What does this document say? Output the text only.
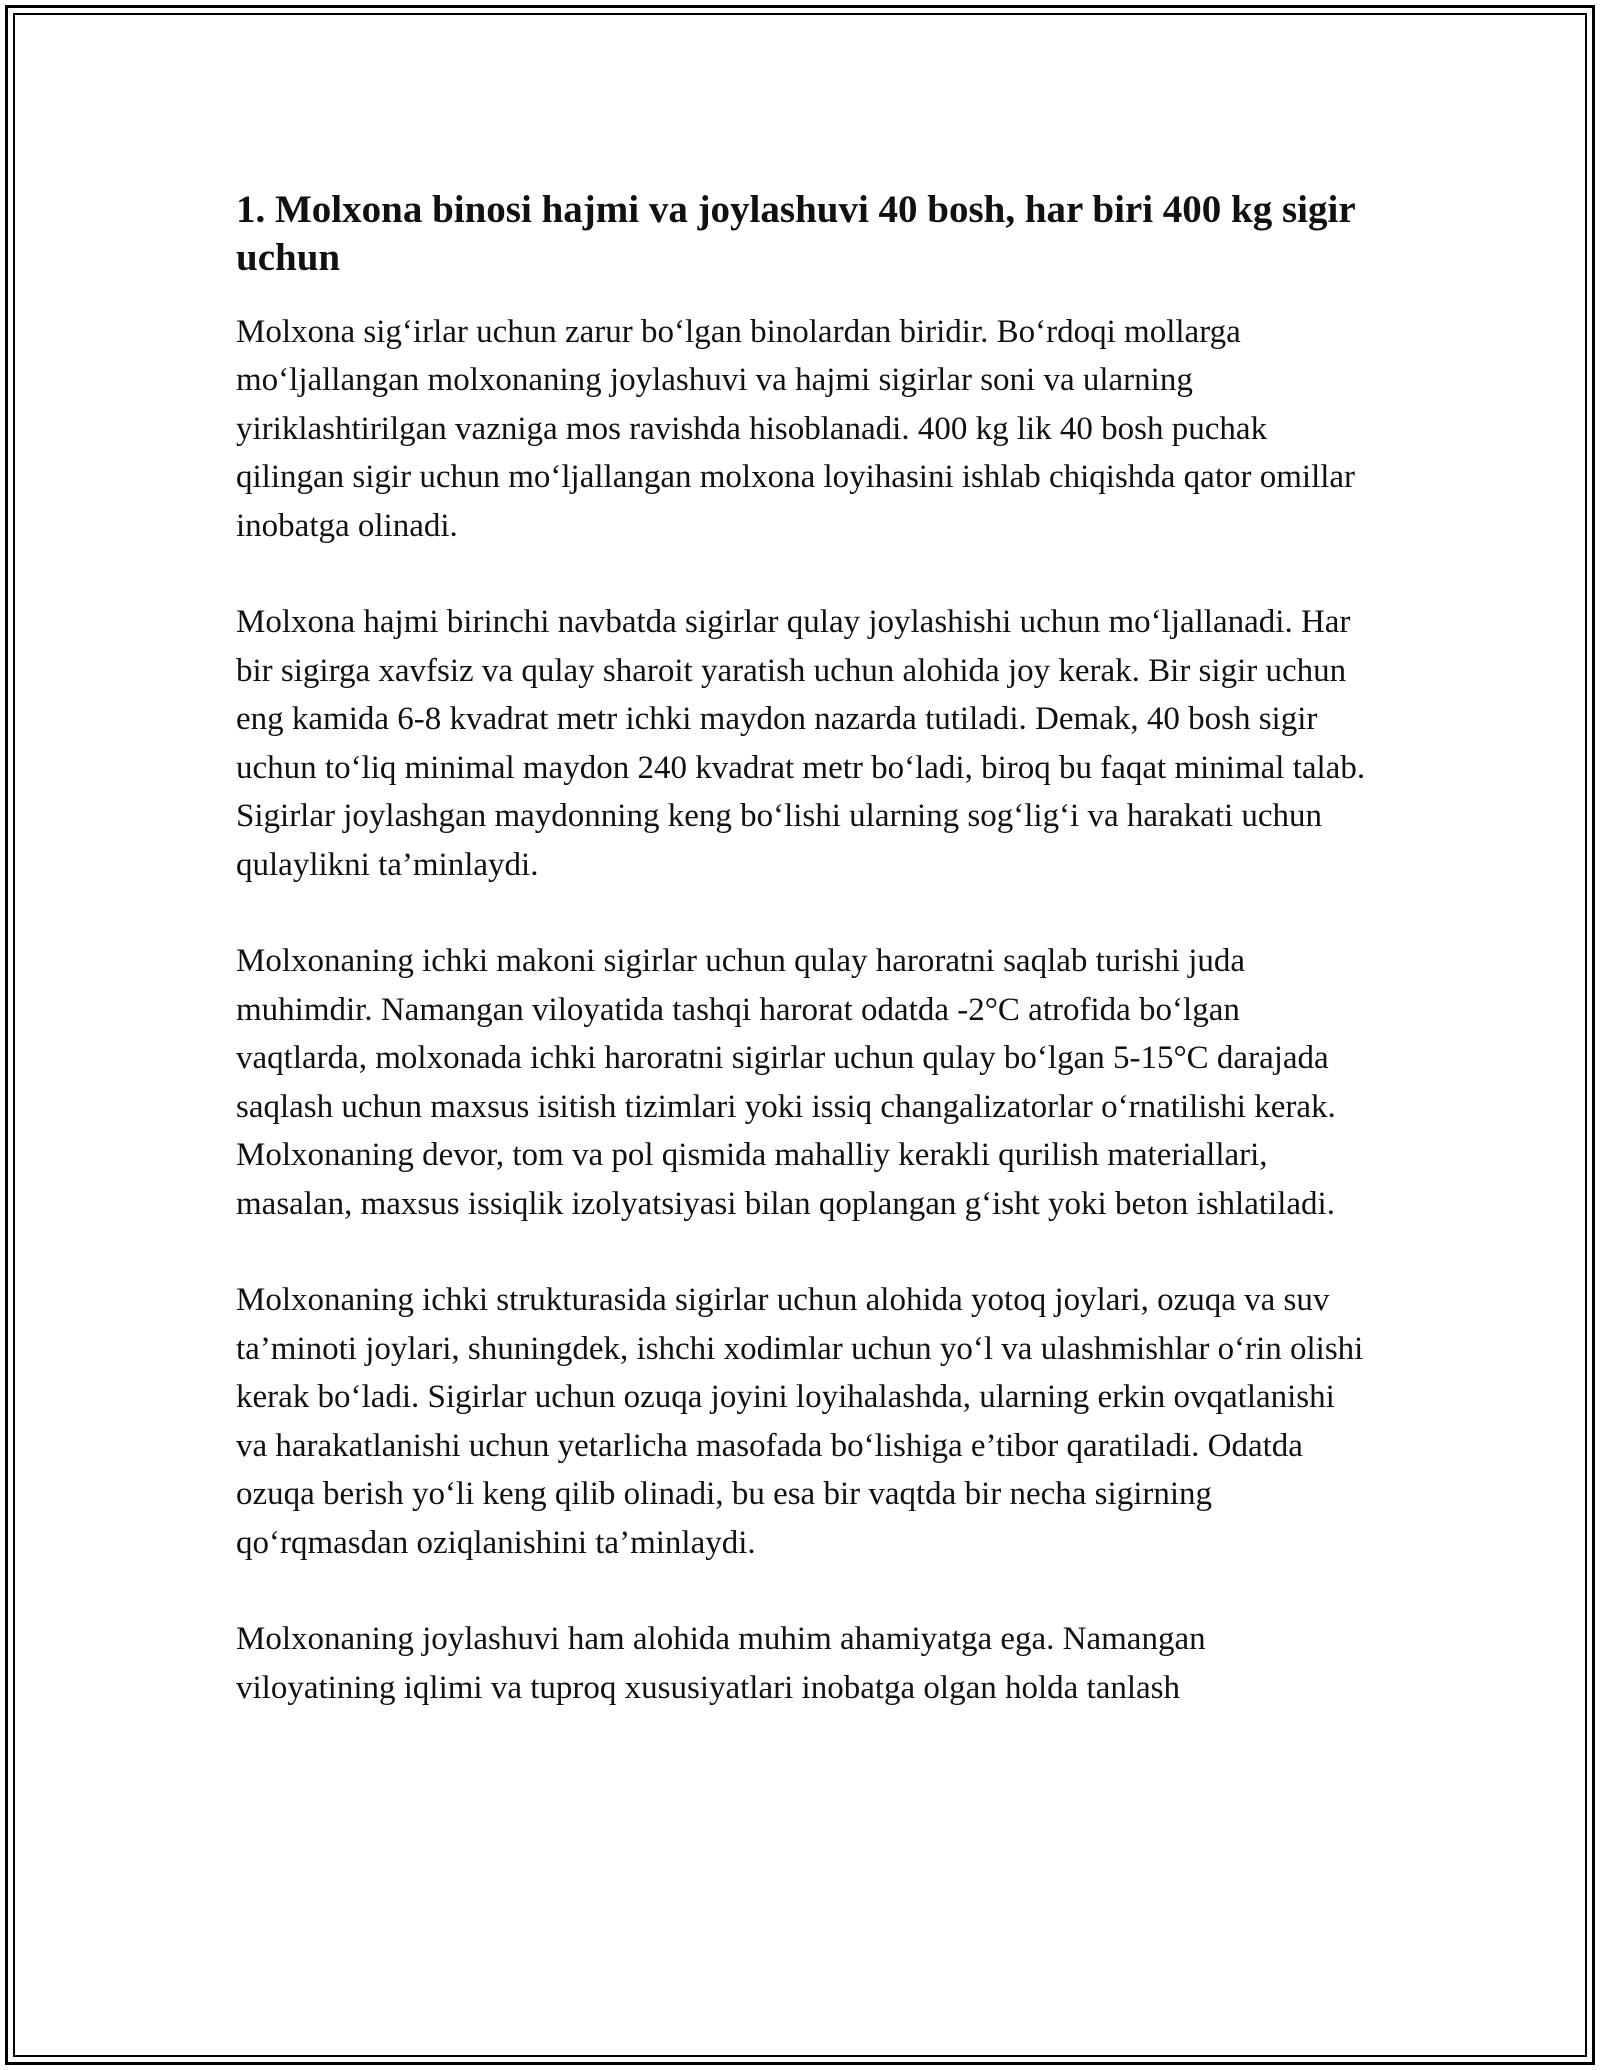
1. Molxona binosi hajmi va joylashuvi 40 bosh, har biri 400 kg sigir uchun

Molxona sig‘irlar uchun zarur bo‘lgan binolardan biridir. Bo‘rdoqi mollarga mo‘ljallangan molxonaning joylashuvi va hajmi sigirlar soni va ularning yiriklashtirilgan vazniga mos ravishda hisoblanadi. 400 kg lik 40 bosh puchak qilingan sigir uchun mo‘ljallangan molxona loyihasini ishlab chiqishda qator omillar inobatga olinadi.

Molxona hajmi birinchi navbatda sigirlar qulay joylashishi uchun mo‘ljallanadi. Har bir sigirga xavfsiz va qulay sharoit yaratish uchun alohida joy kerak. Bir sigir uchun eng kamida 6-8 kvadrat metr ichki maydon nazarda tutiladi. Demak, 40 bosh sigir uchun to‘liq minimal maydon 240 kvadrat metr bo‘ladi, biroq bu faqat minimal talab. Sigirlar joylashgan maydonning keng bo‘lishi ularning sog‘lig‘i va harakati uchun qulaylikni ta’minlaydi.

Molxonaning ichki makoni sigirlar uchun qulay haroratni saqlab turishi juda muhimdir. Namangan viloyatida tashqi harorat odatda -2°C atrofida bo‘lgan vaqtlarda, molxonada ichki haroratni sigirlar uchun qulay bo‘lgan 5-15°C darajada saqlash uchun maxsus isitish tizimlari yoki issiq changalizatorlar o‘rnatilishi kerak. Molxonaning devor, tom va pol qismida mahalliy kerakli qurilish materiallari, masalan, maxsus issiqlik izolyatsiyasi bilan qoplangan g‘isht yoki beton ishlatiladi.

Molxonaning ichki strukturasida sigirlar uchun alohida yotoq joylari, ozuqa va suv ta’minoti joylari, shuningdek, ishchi xodimlar uchun yo‘l va ulashmishlar o‘rin olishi kerak bo‘ladi. Sigirlar uchun ozuqa joyini loyihalashda, ularning erkin ovqatlanishi va harakatlanishi uchun yetarlicha masofada bo‘lishiga e’tibor qaratiladi. Odatda ozuqa berish yo‘li keng qilib olinadi, bu esa bir vaqtda bir necha sigirning qo‘rqmasdan oziqlanishini ta’minlaydi.

Molxonaning joylashuvi ham alohida muhim ahamiyatga ega. Namangan viloyatining iqlimi va tuproq xususiyatlari inobatga olgan holda tanlash
